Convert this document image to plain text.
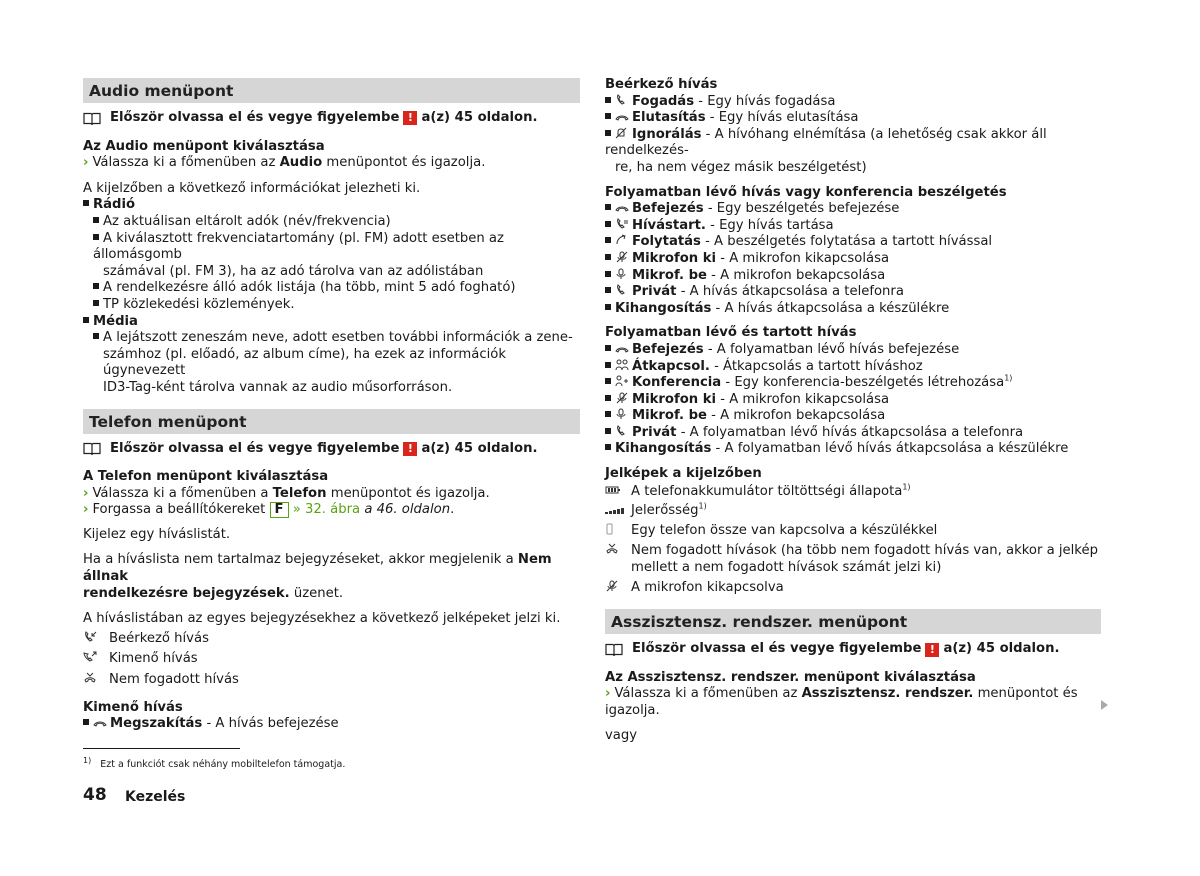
Audio menüpont
Először olvassa el és vegye figyelembe ! a(z) 45 oldalon.

Az Audio menüpont kiválasztása

› Válassza ki a főmenüben az Audio menüpontot és igazolja.

A kijelzőben a következő információkat jelezheti ki.

Rádió

Az aktuálisan eltárolt adók (név/frekvencia)

A kiválasztott frekvenciatartomány (pl. FM) adott esetben az állomásgomb

számával (pl. FM 3), ha az adó tárolva van az adólistában

A rendelkezésre álló adók listája (ha több, mint 5 adó fogható)

TP közlekedési közlemények.

Média

A lejátszott zeneszám neve, adott esetben további információk a zene-

számhoz (pl. előadó, az album címe), ha ezek az információk úgynevezett

ID3-Tag-ként tárolva vannak az audio műsorforráson.

Telefon menüpont
Először olvassa el és vegye figyelembe ! a(z) 45 oldalon.

A Telefon menüpont kiválasztása

› Válassza ki a főmenüben a Telefon menüpontot és igazolja.

› Forgassa a beállítókereket F » 32. ábra a 46. oldalon.

Kijelez egy híváslistát.

Ha a híváslista nem tartalmaz bejegyzéseket, akkor megjelenik a Nem állnak
rendelkezésre bejegyzések. üzenet.

A híváslistában az egyes bejegyzésekhez a következő jelképeket jelzi ki.

Beérkező hívás
Kimenő hívás
Nem fogadott hívás

Kimenő hívás

Megszakítás - A hívás befejezése

Beérkező hívás

Fogadás - Egy hívás fogadása

Elutasítás - Egy hívás elutasítása

Ignorálás - A hívóhang elnémítása (a lehetőség csak akkor áll rendelkezés-

re, ha nem végez másik beszélgetést)

Folyamatban lévő hívás vagy konferencia beszélgetés

Befejezés - Egy beszélgetés befejezése

Hívástart. - Egy hívás tartása

Folytatás - A beszélgetés folytatása a tartott hívással

Mikrofon ki - A mikrofon kikapcsolása

Mikrof. be - A mikrofon bekapcsolása

Privát - A hívás átkapcsolása a telefonra

Kihangosítás - A hívás átkapcsolása a készülékre

Folyamatban lévő és tartott hívás

Befejezés - A folyamatban lévő hívás befejezése

Átkapcsol. - Átkapcsolás a tartott híváshoz

Konferencia - Egy konferencia-beszélgetés létrehozása$^{1)}$

Mikrofon ki - A mikrofon kikapcsolása

Mikrof. be - A mikrofon bekapcsolása

Privát - A folyamatban lévő hívás átkapcsolása a telefonra

Kihangosítás - A folyamatban lévő hívás átkapcsolása a készülékre

Jelképek a kijelzőben

A telefonakkumulátor töltöttségi állapota$^{1)}$
Jelerősség$^{1)}$
Egy telefon össze van kapcsolva a készülékkel
Nem fogadott hívások (ha több nem fogadott hívás van, akkor a jelkép
mellett a nem fogadott hívások számát jelzi ki)
A mikrofon kikapcsolva
Asszisztensz. rendszer. menüpont
Először olvassa el és vegye figyelembe ! a(z) 45 oldalon.

Az Asszisztensz. rendszer. menüpont kiválasztása

› Válassza ki a főmenüben az Asszisztensz. rendszer. menüpontot és igazolja.

vagy

$^{1)}$ Ezt a funkciót csak néhány mobiltelefon támogatja.
48 Kezelés
